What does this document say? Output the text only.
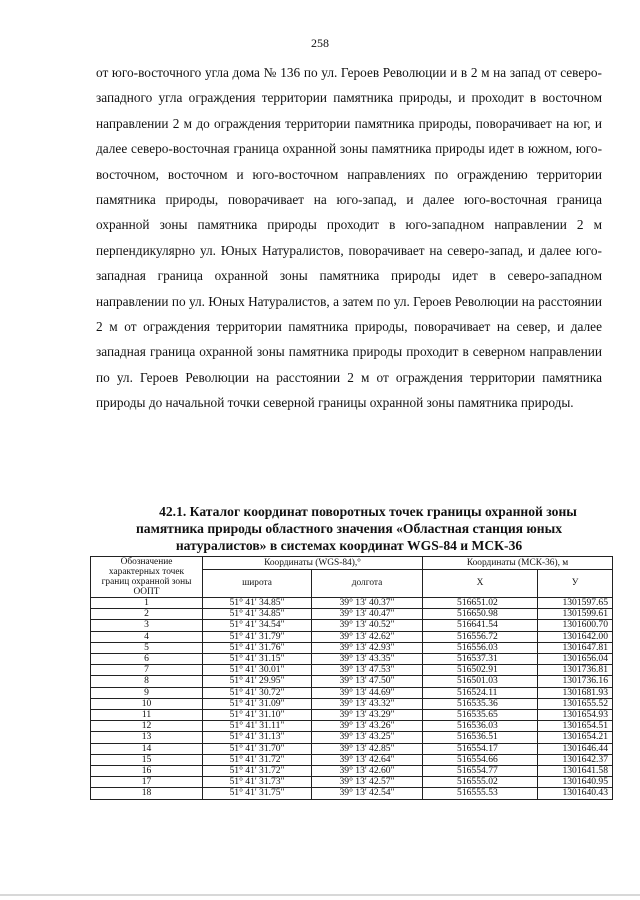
258

от юго-восточного угла дома № 136 по ул. Героев Революции и в 2 м на запад от северо-западного угла ограждения территории памятника природы, и проходит в восточном направлении 2 м до ограждения территории памятника природы, поворачивает на юг, и далее северо-восточная граница охранной зоны памятника природы идет в южном, юго-восточном, восточном и юго-восточном направлениях по ограждению территории памятника природы, поворачивает на юго-запад, и далее юго-восточная граница охранной зоны памятника природы проходит в юго-западном направлении 2 м перпендикулярно ул. Юных Натуралистов, поворачивает на северо-запад, и далее юго-западная граница охранной зоны памятника природы идет в северо-западном направлении по ул. Юных Натуралистов, а затем по ул. Героев Революции на расстоянии 2 м от ограждения территории памятника природы, поворачивает на север, и далее западная граница охранной зоны памятника природы проходит в северном направлении по ул. Героев Революции на расстоянии 2 м от ограждения территории памятника природы до начальной точки северной границы охранной зоны памятника природы.

42.1. Каталог координат поворотных точек границы охранной зоны
памятника природы областного значения «Областная станция юных
натуралистов» в системах координат WGS-84 и МСК-36
Обозначение характерных точек границ охранной зоны ООПТ	Координаты (WGS-84),°		Координаты (МСК-36), м	
	широта	долгота	X	У
1	51° 41' 34.85"	39° 13' 40.37"	516651.02	1301597.65
2	51° 41' 34.85"	39° 13' 40.47"	516650.98	1301599.61
3	51° 41' 34.54"	39° 13' 40.52"	516641.54	1301600.70
4	51° 41' 31.79"	39° 13' 42.62"	516556.72	1301642.00
5	51° 41' 31.76"	39° 13' 42.93"	516556.03	1301647.81
6	51° 41' 31.15"	39° 13' 43.35"	516537.31	1301656.04
7	51° 41' 30.01"	39° 13' 47.53"	516502.91	1301736.81
8	51° 41' 29.95"	39° 13' 47.50"	516501.03	1301736.16
9	51° 41' 30.72"	39° 13' 44.69"	516524.11	1301681.93
10	51° 41' 31.09"	39° 13' 43.32"	516535.36	1301655.52
11	51° 41' 31.10"	39° 13' 43.29"	516535.65	1301654.93
12	51° 41' 31.11"	39° 13' 43.26"	516536.03	1301654.51
13	51° 41' 31.13"	39° 13' 43.25"	516536.51	1301654.21
14	51° 41' 31.70"	39° 13' 42.85"	516554.17	1301646.44
15	51° 41' 31.72"	39° 13' 42.64"	516554.66	1301642.37
16	51° 41' 31.72"	39° 13' 42.60"	516554.77	1301641.58
17	51° 41' 31.73"	39° 13' 42.57"	516555.02	1301640.95
18	51° 41' 31.75"	39° 13' 42.54"	516555.53	1301640.43
